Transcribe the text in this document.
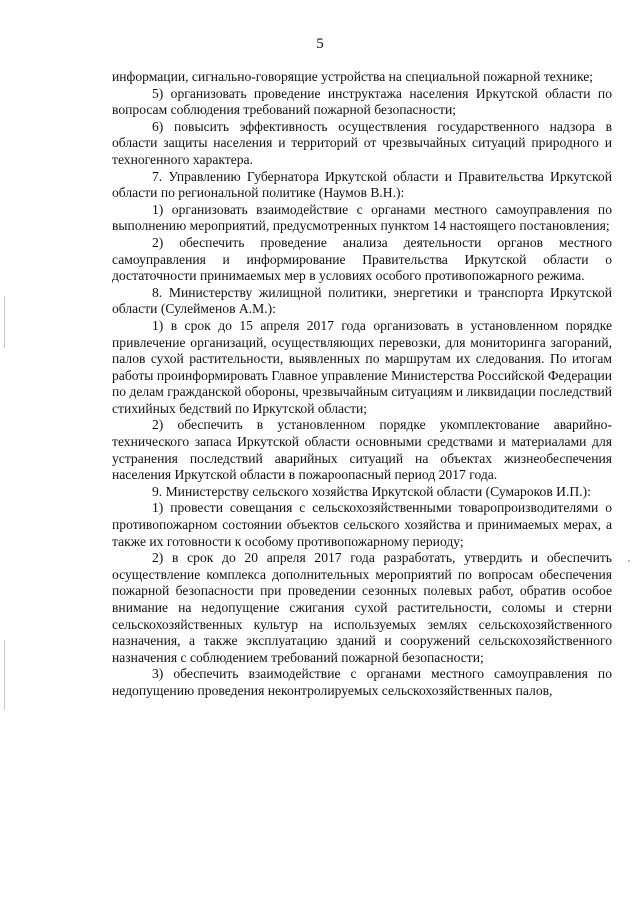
5

информации, сигнально-говорящие устройства на специальной пожарной технике;

5) организовать проведение инструктажа населения Иркутской области по вопросам соблюдения требований пожарной безопасности;

6) повысить эффективность осуществления государственного надзора в области защиты населения и территорий от чрезвычайных ситуаций природного и техногенного характера.

7. Управлению Губернатора Иркутской области и Правительства Иркутской области по региональной политике (Наумов В.Н.):

1) организовать взаимодействие с органами местного самоуправления по выполнению мероприятий, предусмотренных пунктом 14 настоящего постановления;

2) обеспечить проведение анализа деятельности органов местного самоуправления и информирование Правительства Иркутской области о достаточности принимаемых мер в условиях особого противопожарного режима.

8. Министерству жилищной политики, энергетики и транспорта Иркутской области (Сулейменов А.М.):

1) в срок до 15 апреля 2017 года организовать в установленном порядке привлечение организаций, осуществляющих перевозки, для мониторинга загораний, палов сухой растительности, выявленных по маршрутам их следования. По итогам работы проинформировать Главное управление Министерства Российской Федерации по делам гражданской обороны, чрезвычайным ситуациям и ликвидации последствий стихийных бедствий по Иркутской области;

2) обеспечить в установленном порядке укомплектование аварийно-технического запаса Иркутской области основными средствами и материалами для устранения последствий аварийных ситуаций на объектах жизнеобеспечения населения Иркутской области в пожароопасный период 2017 года.

9. Министерству сельского хозяйства Иркутской области (Сумароков И.П.):

1) провести совещания с сельскохозяйственными товаропроизводителями о противопожарном состоянии объектов сельского хозяйства и принимаемых мерах, а также их готовности к особому противопожарному периоду;

2) в срок до 20 апреля 2017 года разработать, утвердить и обеспечить осуществление комплекса дополнительных мероприятий по вопросам обеспечения пожарной безопасности при проведении сезонных полевых работ, обратив особое внимание на недопущение сжигания сухой растительности, соломы и стерни сельскохозяйственных культур на используемых землях сельскохозяйственного назначения, а также эксплуатацию зданий и сооружений сельскохозяйственного назначения с соблюдением требований пожарной безопасности;

3) обеспечить взаимодействие с органами местного самоуправления по недопущению проведения неконтролируемых сельскохозяйственных палов,
